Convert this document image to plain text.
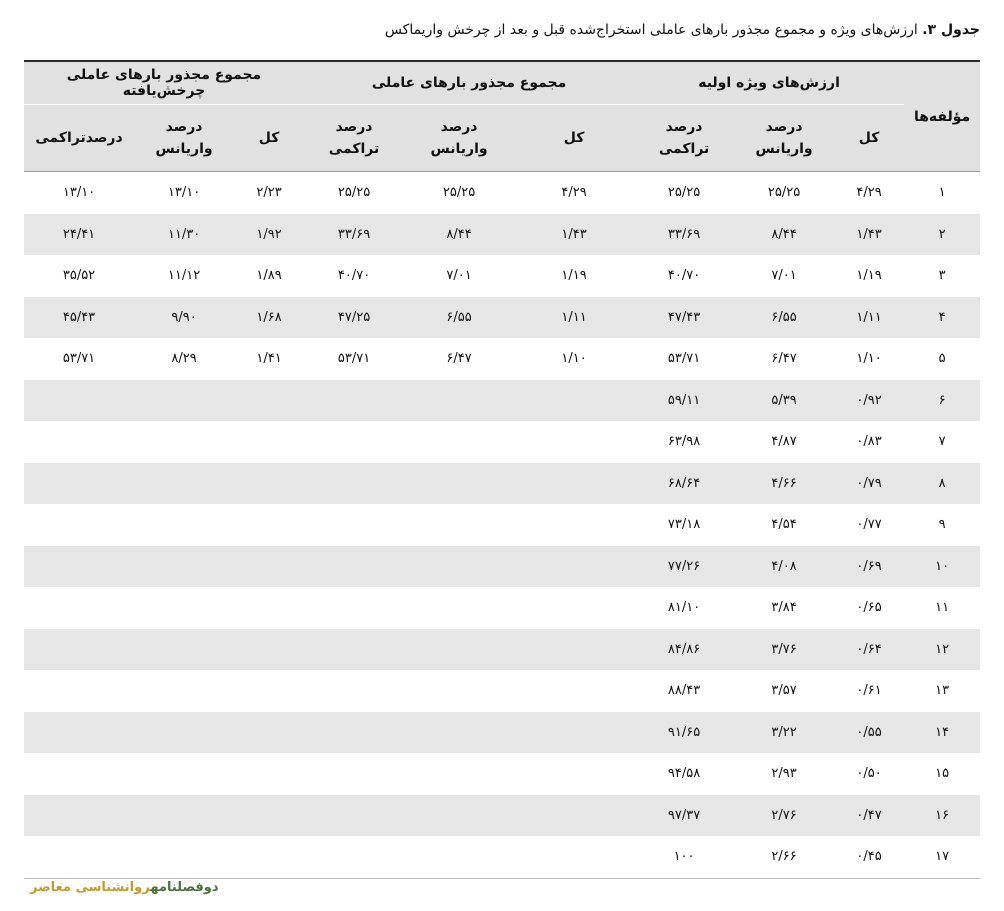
جدول ۳. ارزش‌های ویژه و مجموع مجذور بارهای عاملی استخراج‌شده قبل و بعد از چرخش واریماکس
مؤلفه‌ها	ارزش‌های ویژه اولیه			مجموع مجذور بارهای عاملی			مجموع مجذور بارهای عاملی چرخش‌یافته		
	کل	درصد واریانس	درصد تراکمی	کل	درصد واریانس	درصد تراکمی	کل	درصد واریانس	درصدتراکمی
۱	۴/۲۹	۲۵/۲۵	۲۵/۲۵	۴/۲۹	۲۵/۲۵	۲۵/۲۵	۲/۲۳	۱۳/۱۰	۱۳/۱۰
۲	۱/۴۳	۸/۴۴	۳۳/۶۹	۱/۴۳	۸/۴۴	۳۳/۶۹	۱/۹۲	۱۱/۳۰	۲۴/۴۱
۳	۱/۱۹	۷/۰۱	۴۰/۷۰	۱/۱۹	۷/۰۱	۴۰/۷۰	۱/۸۹	۱۱/۱۲	۳۵/۵۲
۴	۱/۱۱	۶/۵۵	۴۷/۴۳	۱/۱۱	۶/۵۵	۴۷/۲۵	۱/۶۸	۹/۹۰	۴۵/۴۳
۵	۱/۱۰	۶/۴۷	۵۳/۷۱	۱/۱۰	۶/۴۷	۵۳/۷۱	۱/۴۱	۸/۲۹	۵۳/۷۱
۶	۰/۹۲	۵/۳۹	۵۹/۱۱						
۷	۰/۸۳	۴/۸۷	۶۳/۹۸						
۸	۰/۷۹	۴/۶۶	۶۸/۶۴						
۹	۰/۷۷	۴/۵۴	۷۳/۱۸						
۱۰	۰/۶۹	۴/۰۸	۷۷/۲۶						
۱۱	۰/۶۵	۳/۸۴	۸۱/۱۰						
۱۲	۰/۶۴	۳/۷۶	۸۴/۸۶						
۱۳	۰/۶۱	۳/۵۷	۸۸/۴۳						
۱۴	۰/۵۵	۳/۲۲	۹۱/۶۵						
۱۵	۰/۵۰	۲/۹۳	۹۴/۵۸						
۱۶	۰/۴۷	۲/۷۶	۹۷/۳۷						
۱۷	۰/۴۵	۲/۶۶	۱۰۰						
دوفصلنامهروانشناسی معاصر
